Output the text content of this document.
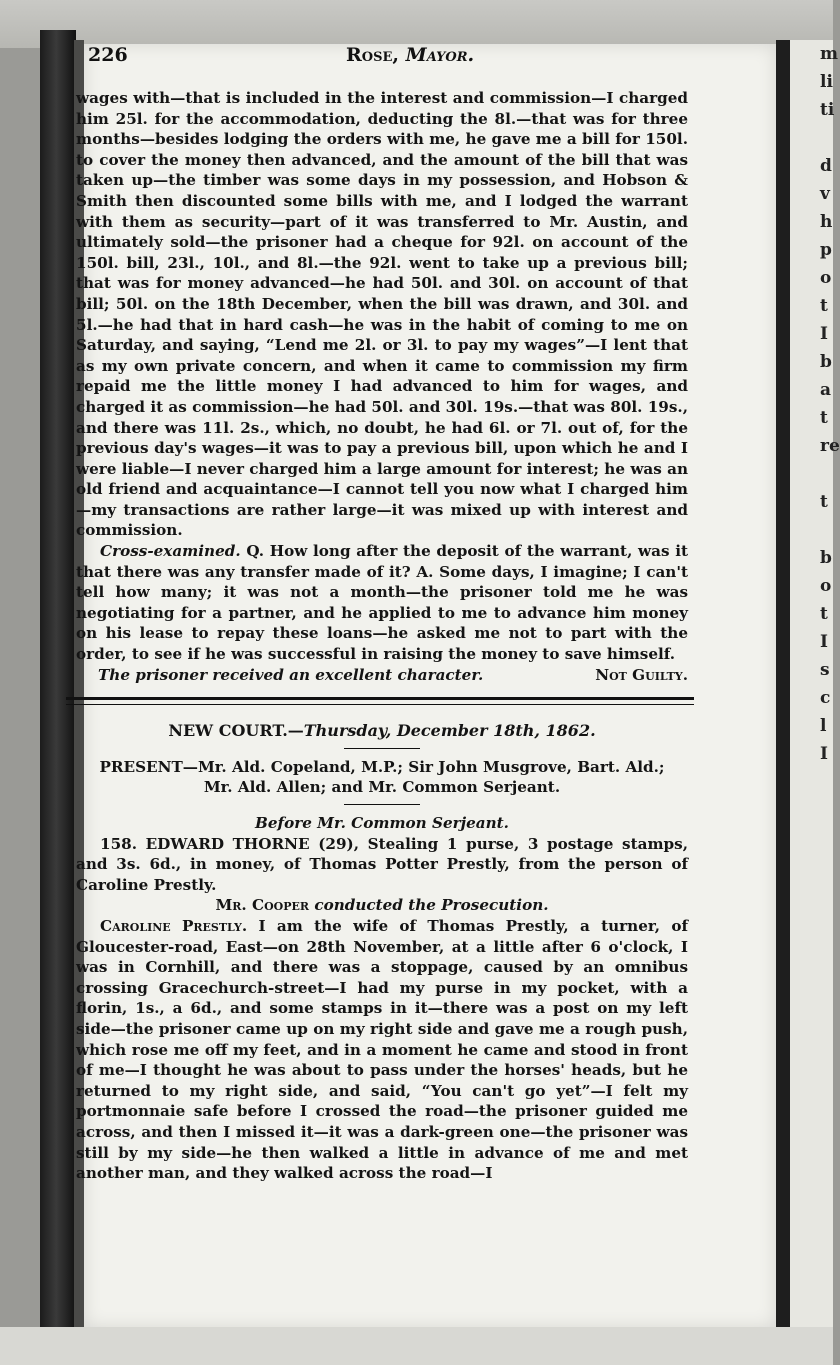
m
li
ti
d
v
h
p
o
t
I
b
a
t
re
t
b
o
t
I
s
c
l
I
226	Rose, Mayor.

wages with—that is included in the interest and commission—I charged him 25l. for the accommodation, deducting the 8l.—that was for three months—besides lodging the orders with me, he gave me a bill for 150l. to cover the money then advanced, and the amount of the bill that was taken up—the timber was some days in my possession, and Hobson & Smith then discounted some bills with me, and I lodged the warrant with them as security—part of it was transferred to Mr. Austin, and ultimately sold—the prisoner had a cheque for 92l. on account of the 150l. bill, 23l., 10l., and 8l.—the 92l. went to take up a previous bill; that was for money advanced—he had 50l. and 30l. on account of that bill; 50l. on the 18th December, when the bill was drawn, and 30l. and 5l.—he had that in hard cash—he was in the habit of coming to me on Saturday, and saying, “Lend me 2l. or 3l. to pay my wages”—I lent that as my own private concern, and when it came to commission my firm repaid me the little money I had advanced to him for wages, and charged it as commission—he had 50l. and 30l. 19s.—that was 80l. 19s., and there was 11l. 2s., which, no doubt, he had 6l. or 7l. out of, for the previous day's wages—it was to pay a previous bill, upon which he and I were liable—I never charged him a large amount for interest; he was an old friend and acquaintance—I cannot tell you now what I charged him—my transactions are rather large—it was mixed up with interest and commission.

Cross-examined. Q. How long after the deposit of the warrant, was it that there was any transfer made of it? A. Some days, I imagine; I can't tell how many; it was not a month—the prisoner told me he was negotiating for a partner, and he applied to me to advance him money on his lease to repay these loans—he asked me not to part with the order, to see if he was successful in raising the money to save himself.

The prisoner received an excellent character.	Not Guilty.
NEW COURT.—Thursday, December 18th, 1862.
PRESENT—Mr. Ald. Copeland, M.P.; Sir John Musgrove, Bart. Ald.;
Mr. Ald. Allen; and Mr. Common Serjeant.
Before Mr. Common Serjeant.

158. EDWARD THORNE (29), Stealing 1 purse, 3 postage stamps, and 3s. 6d., in money, of Thomas Potter Prestly, from the person of Caroline Prestly.

Mr. Cooper conducted the Prosecution.

Caroline Prestly. I am the wife of Thomas Prestly, a turner, of Gloucester-road, East—on 28th November, at a little after 6 o'clock, I was in Cornhill, and there was a stoppage, caused by an omnibus crossing Gracechurch-street—I had my purse in my pocket, with a florin, 1s., a 6d., and some stamps in it—there was a post on my left side—the prisoner came up on my right side and gave me a rough push, which rose me off my feet, and in a moment he came and stood in front of me—I thought he was about to pass under the horses' heads, but he returned to my right side, and said, “You can't go yet”—I felt my portmonnaie safe before I crossed the road—the prisoner guided me across, and then I missed it—it was a dark-green one—the prisoner was still by my side—he then walked a little in advance of me and met another man, and they walked across the road—I
